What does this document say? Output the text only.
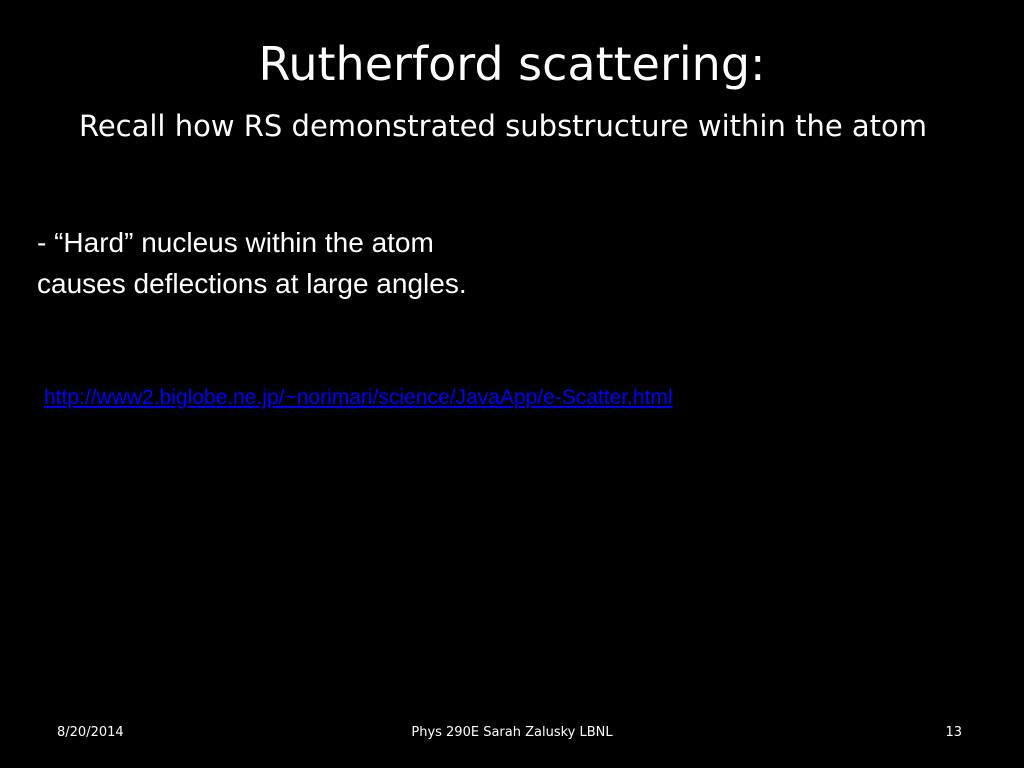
Rutherford scattering:
Recall how RS demonstrated substructure within the atom
- “Hard” nucleus within the atom
causes deflections at large angles.
http://www2.biglobe.ne.jp/~norimari/science/JavaApp/e-Scatter.html
8/20/2014	Phys 290E Sarah Zalusky LBNL	13
